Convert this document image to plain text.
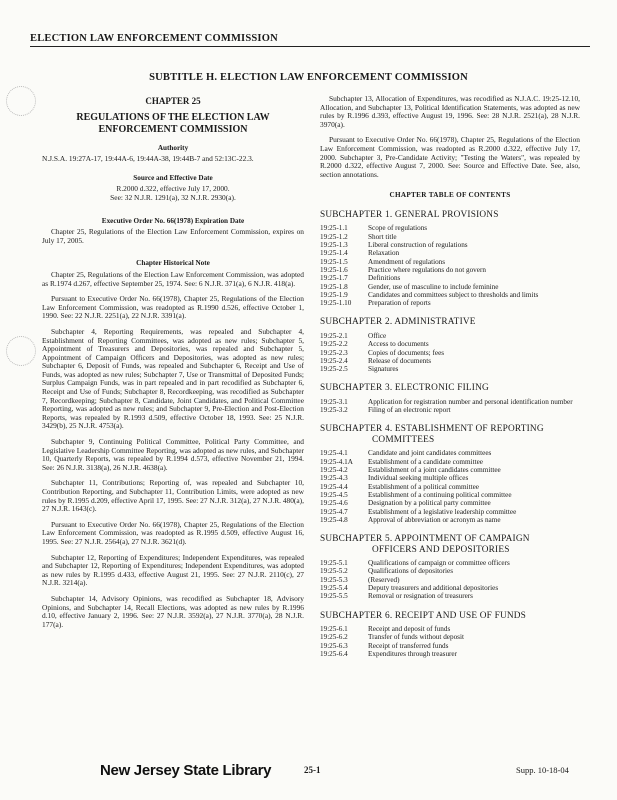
ELECTION LAW ENFORCEMENT COMMISSION
SUBTITLE H. ELECTION LAW ENFORCEMENT COMMISSION
CHAPTER 25
REGULATIONS OF THE ELECTION LAW ENFORCEMENT COMMISSION
Authority

N.J.S.A. 19:27A-17, 19:44A-6, 19:44A-38, 19:44B-7 and 52:13C-22.3.

Source and Effective Date
R.2000 d.322, effective July 17, 2000.
See: 32 N.J.R. 1291(a), 32 N.J.R. 2930(a).
Executive Order No. 66(1978) Expiration Date

Chapter 25, Regulations of the Election Law Enforcement Commission, expires on July 17, 2005.

Chapter Historical Note

Chapter 25, Regulations of the Election Law Enforcement Commission, was adopted as R.1974 d.267, effective September 25, 1974. See: 6 N.J.R. 371(a), 6 N.J.R. 418(a).

Pursuant to Executive Order No. 66(1978), Chapter 25, Regulations of the Election Law Enforcement Commission, was readopted as R.1990 d.526, effective October 1, 1990. See: 22 N.J.R. 2251(a), 22 N.J.R. 3391(a).

Subchapter 4, Reporting Requirements, was repealed and Subchapter 4, Establishment of Reporting Committees, was adopted as new rules; Subchapter 5, Appointment of Treasurers and Depositories, was repealed and Subchapter 5, Appointment of Campaign Officers and Depositories, was adopted as new rules; Subchapter 6, Deposit of Funds, was repealed and Subchapter 6, Receipt and Use of Funds, was adopted as new rules; Subchapter 7, Use or Transmittal of Deposited Funds; Surplus Campaign Funds, was in part repealed and in part recodified as Subchapter 6, Receipt and Use of Funds; Subchapter 8, Recordkeeping, was recodified as Subchapter 7, Recordkeeping; Subchapter 8, Candidate, Joint Candidates, and Political Committee Reporting, was adopted as new rules; and Subchapter 9, Pre-Election and Post-Election Reports, was repealed by R.1993 d.509, effective October 18, 1993. See: 25 N.J.R. 3429(b), 25 N.J.R. 4753(a).

Subchapter 9, Continuing Political Committee, Political Party Committee, and Legislative Leadership Committee Reporting, was adopted as new rules, and Subchapter 10, Quarterly Reports, was repealed by R.1994 d.573, effective November 21, 1994. See: 26 N.J.R. 3138(a), 26 N.J.R. 4638(a).

Subchapter 11, Contributions; Reporting of, was repealed and Subchapter 10, Contribution Reporting, and Subchapter 11, Contribution Limits, were adopted as new rules by R.1995 d.209, effective April 17, 1995. See: 27 N.J.R. 312(a), 27 N.J.R. 480(a), 27 N.J.R. 1643(c).

Pursuant to Executive Order No. 66(1978), Chapter 25, Regulations of the Election Law Enforcement Commission, was readopted as R.1995 d.509, effective August 16, 1995. See: 27 N.J.R. 2564(a), 27 N.J.R. 3621(d).

Subchapter 12, Reporting of Expenditures; Independent Expenditures, was repealed and Subchapter 12, Reporting of Expenditures; Independent Expenditures, was adopted as new rules by R.1995 d.433, effective August 21, 1995. See: 27 N.J.R. 2110(c), 27 N.J.R. 3214(a).

Subchapter 14, Advisory Opinions, was recodified as Subchapter 18, Advisory Opinions, and Subchapter 14, Recall Elections, was adopted as new rules by R.1996 d.10, effective January 2, 1996. See: 27 N.J.R. 3592(a), 27 N.J.R. 3770(a), 28 N.J.R. 177(a).

Subchapter 13, Allocation of Expenditures, was recodified as N.J.A.C. 19:25-12.10, Allocation, and Subchapter 13, Political Identification Statements, was adopted as new rules by R.1996 d.393, effective August 19, 1996. See: 28 N.J.R. 2521(a), 28 N.J.R. 3970(a).

Pursuant to Executive Order No. 66(1978), Chapter 25, Regulations of the Election Law Enforcement Commission, was readopted as R.2000 d.322, effective July 17, 2000. Subchapter 3, Pre-Candidate Activity; "Testing the Waters", was repealed by R.2000 d.322, effective August 7, 2000. See: Source and Effective Date. See, also, section annotations.

CHAPTER TABLE OF CONTENTS
SUBCHAPTER 1. GENERAL PROVISIONS
19:25-1.1	Scope of regulations
19:25-1.2	Short title
19:25-1.3	Liberal construction of regulations
19:25-1.4	Relaxation
19:25-1.5	Amendment of regulations
19:25-1.6	Practice where regulations do not govern
19:25-1.7	Definitions
19:25-1.8	Gender, use of masculine to include feminine
19:25-1.9	Candidates and committees subject to thresholds and limits
19:25-1.10	Preparation of reports
SUBCHAPTER 2. ADMINISTRATIVE
19:25-2.1	Office
19:25-2.2	Access to documents
19:25-2.3	Copies of documents; fees
19:25-2.4	Release of documents
19:25-2.5	Signatures
SUBCHAPTER 3. ELECTRONIC FILING
19:25-3.1	Application for registration number and personal identification number
19:25-3.2	Filing of an electronic report
SUBCHAPTER 4. ESTABLISHMENT OF REPORTING
COMMITTEES
19:25-4.1	Candidate and joint candidates committees
19:25-4.1A	Establishment of a candidate committee
19:25-4.2	Establishment of a joint candidates committee
19:25-4.3	Individual seeking multiple offices
19:25-4.4	Establishment of a political committee
19:25-4.5	Establishment of a continuing political committee
19:25-4.6	Designation by a political party committee
19:25-4.7	Establishment of a legislative leadership committee
19:25-4.8	Approval of abbreviation or acronym as name
SUBCHAPTER 5. APPOINTMENT OF CAMPAIGN
OFFICERS AND DEPOSITORIES
19:25-5.1	Qualifications of campaign or committee officers
19:25-5.2	Qualifications of depositories
19:25-5.3	(Reserved)
19:25-5.4	Deputy treasurers and additional depositories
19:25-5.5	Removal or resignation of treasurers
SUBCHAPTER 6. RECEIPT AND USE OF FUNDS
19:25-6.1	Receipt and deposit of funds
19:25-6.2	Transfer of funds without deposit
19:25-6.3	Receipt of transferred funds
19:25-6.4	Expenditures through treasurer
New Jersey State Library	25-1	Supp. 10-18-04
